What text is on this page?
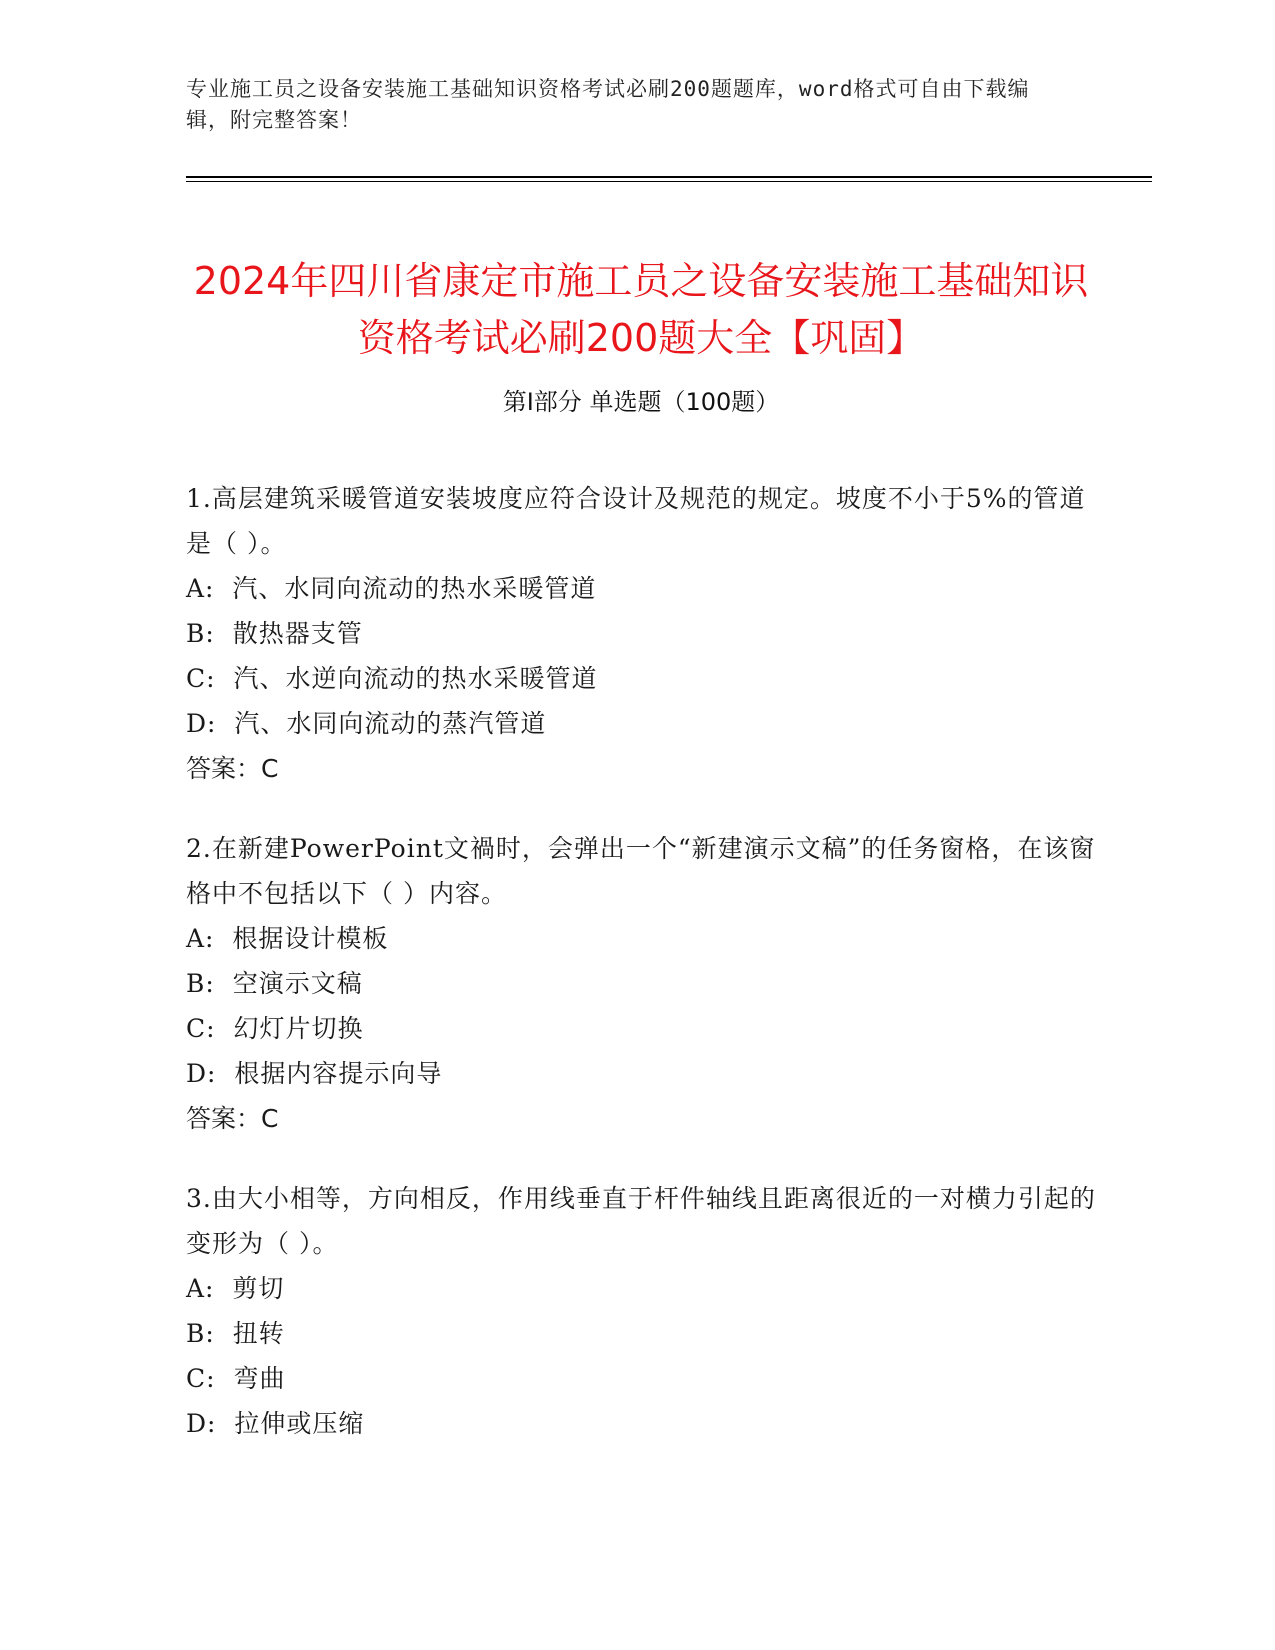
专业施工员之设备安装施工基础知识资格考试必刷200题题库，word格式可自由下载编辑，附完整答案！
2024年四川省康定市施工员之设备安装施工基础知识资格考试必刷200题大全【巩固】
第Ⅰ部分 单选题（100题）

1.高层建筑采暖管道安装坡度应符合设计及规范的规定。坡度不小于5%的管道是（ ）。

A:  汽、水同向流动的热水采暖管道

B:  散热器支管

C:  汽、水逆向流动的热水采暖管道

D:  汽、水同向流动的蒸汽管道

答案：C

2.在新建PowerPoint文禍时，会弹出一个“新建演示文稿”的任务窗格，在该窗格中不包括以下（ ）内容。

A:  根据设计模板

B:  空演示文稿

C:  幻灯片切换

D:  根据内容提示向导

答案：C

3.由大小相等，方向相反，作用线垂直于杆件轴线且距离很近的一对横力引起的变形为（ ）。

A:  剪切

B:  扭转

C:  弯曲

D:  拉伸或压缩
